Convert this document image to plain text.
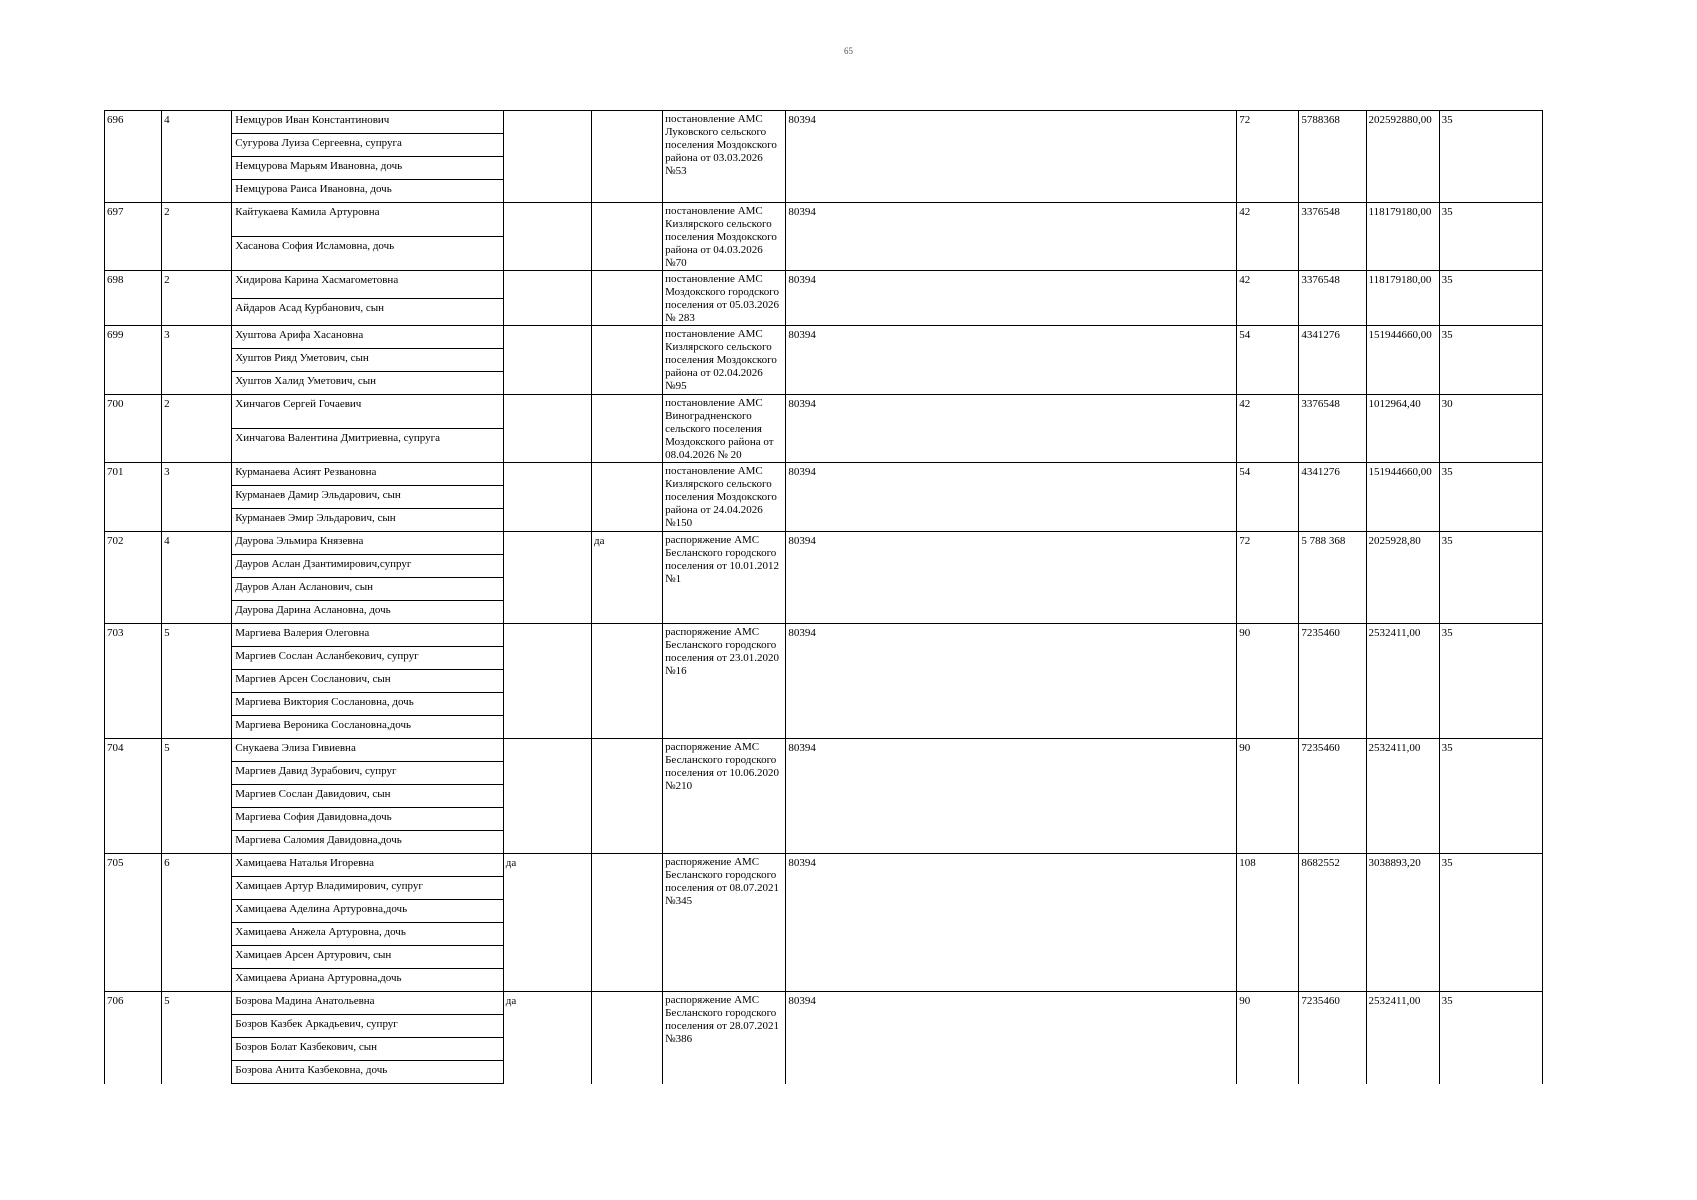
65
696	4	Немцуров Иван Константинович			постановление АМС Луковского сельского поселения Моздокского района от 03.03.2026 №53	80394	72	5788368	202592880,00	35
		Сугурова Луиза Сергеевна, супруга								
		Немцурова Марьям Ивановна, дочь								
		Немцурова Раиса Ивановна, дочь								
697	2	Кайтукаева Камила Артуровна			постановление АМС Кизлярского сельского поселения Моздокского района от 04.03.2026 №70	80394	42	3376548	118179180,00	35
		Хасанова София Исламовна, дочь								
698	2	Хидирова Карина Хасмагометовна			постановление АМС Моздокского городского поселения от 05.03.2026 № 283	80394	42	3376548	118179180,00	35
		Айдаров Асад Курбанович, сын								
699	3	Хуштова Арифа Хасановна			постановление АМС Кизлярского сельского поселения Моздокского района от 02.04.2026 №95	80394	54	4341276	151944660,00	35
		Хуштов Рияд Уметович, сын								
		Хуштов Халид Уметович, сын								
700	2	Хинчагов Сергей Гочаевич			постановление АМС Виноградненского сельского поселения Моздокского района от 08.04.2026 № 20	80394	42	3376548	1012964,40	30
		Хинчагова Валентина Дмитриевна, супруга								
701	3	Курманаева Асият Резвановна			постановление АМС Кизлярского сельского поселения Моздокского района от 24.04.2026 №150	80394	54	4341276	151944660,00	35
		Курманаев Дамир Эльдарович, сын								
		Курманаев Эмир Эльдарович, сын								
702	4	Даурова Эльмира Князевна		да	распоряжение АМС Бесланского городского поселения от 10.01.2012 №1	80394	72	5 788 368	2025928,80	35
		Дауров Аслан Дзантимирович,супруг								
		Дауров Алан Асланович, сын								
		Даурова Дарина Аслановна, дочь								
703	5	Маргиева Валерия Олеговна			распоряжение АМС Бесланского городского поселения от 23.01.2020 №16	80394	90	7235460	2532411,00	35
		Маргиев Сослан Асланбекович, супруг								
		Маргиев Арсен Сосланович, сын								
		Маргиева Виктория Сослановна, дочь								
		Маргиева Вероника Сослановна,дочь								
704	5	Снукаева Элиза Гивиевна			распоряжение АМС Бесланского городского поселения от 10.06.2020 №210	80394	90	7235460	2532411,00	35
		Маргиев Давид Зурабович, супруг								
		Маргиев Сослан Давидович, сын								
		Маргиева София Давидовна,дочь								
		Маргиева Саломия Давидовна,дочь								
705	6	Хамицаева Наталья Игоревна	да		распоряжение АМС Бесланского городского поселения от 08.07.2021 №345	80394	108	8682552	3038893,20	35
		Хамицаев Артур Владимирович, супруг								
		Хамицаева Аделина Артуровна,дочь								
		Хамицаева Анжела Артуровна, дочь								
		Хамицаев Арсен Артурович, сын								
		Хамицаева Ариана Артуровна,дочь								
706	5	Бозрова Мадина Анатольевна	да		распоряжение АМС Бесланского городского поселения от 28.07.2021 №386	80394	90	7235460	2532411,00	35
		Бозров Казбек Аркадьевич, супруг								
		Бозров Болат Казбекович, сын								
		Бозрова Анита Казбековна, дочь								
